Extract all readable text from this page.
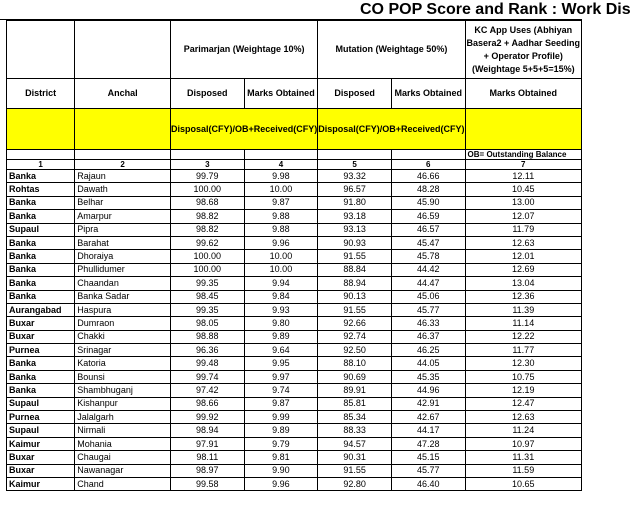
CO POP Score and Rank : Work Dis
		Parimarjan (Weightage 10%)		Mutation (Weightage 50%)		KC App Uses (Abhiyan Basera2 + Aadhar Seeding + Operator Profile) (Weightage 5+5+5=15%)
District	Anchal	Disposed	Marks Obtained	Disposed	Marks Obtained	Marks Obtained
		Disposal(CFY)/OB+Received(CFY)		Disposal(CFY)/OB+Received(CFY)		
						OB= Outstanding Balance
1	2	3	4	5	6	7
Banka	Rajaun	99.79	9.98	93.32	46.66	12.11
Rohtas	Dawath	100.00	10.00	96.57	48.28	10.45
Banka	Belhar	98.68	9.87	91.80	45.90	13.00
Banka	Amarpur	98.82	9.88	93.18	46.59	12.07
Supaul	Pipra	98.82	9.88	93.13	46.57	11.79
Banka	Barahat	99.62	9.96	90.93	45.47	12.63
Banka	Dhoraiya	100.00	10.00	91.55	45.78	12.01
Banka	Phullidumer	100.00	10.00	88.84	44.42	12.69
Banka	Chaandan	99.35	9.94	88.94	44.47	13.04
Banka	Banka Sadar	98.45	9.84	90.13	45.06	12.36
Aurangabad	Haspura	99.35	9.93	91.55	45.77	11.39
Buxar	Dumraon	98.05	9.80	92.66	46.33	11.14
Buxar	Chakki	98.88	9.89	92.74	46.37	12.22
Purnea	Srinagar	96.36	9.64	92.50	46.25	11.77
Banka	Katoria	99.48	9.95	88.10	44.05	12.30
Banka	Bounsi	99.74	9.97	90.69	45.35	10.75
Banka	Shambhuganj	97.42	9.74	89.91	44.96	12.19
Supaul	Kishanpur	98.66	9.87	85.81	42.91	12.47
Purnea	Jalalgarh	99.92	9.99	85.34	42.67	12.63
Supaul	Nirmali	98.94	9.89	88.33	44.17	11.24
Kaimur	Mohania	97.91	9.79	94.57	47.28	10.97
Buxar	Chaugai	98.11	9.81	90.31	45.15	11.31
Buxar	Nawanagar	98.97	9.90	91.55	45.77	11.59
Kaimur	Chand	99.58	9.96	92.80	46.40	10.65
